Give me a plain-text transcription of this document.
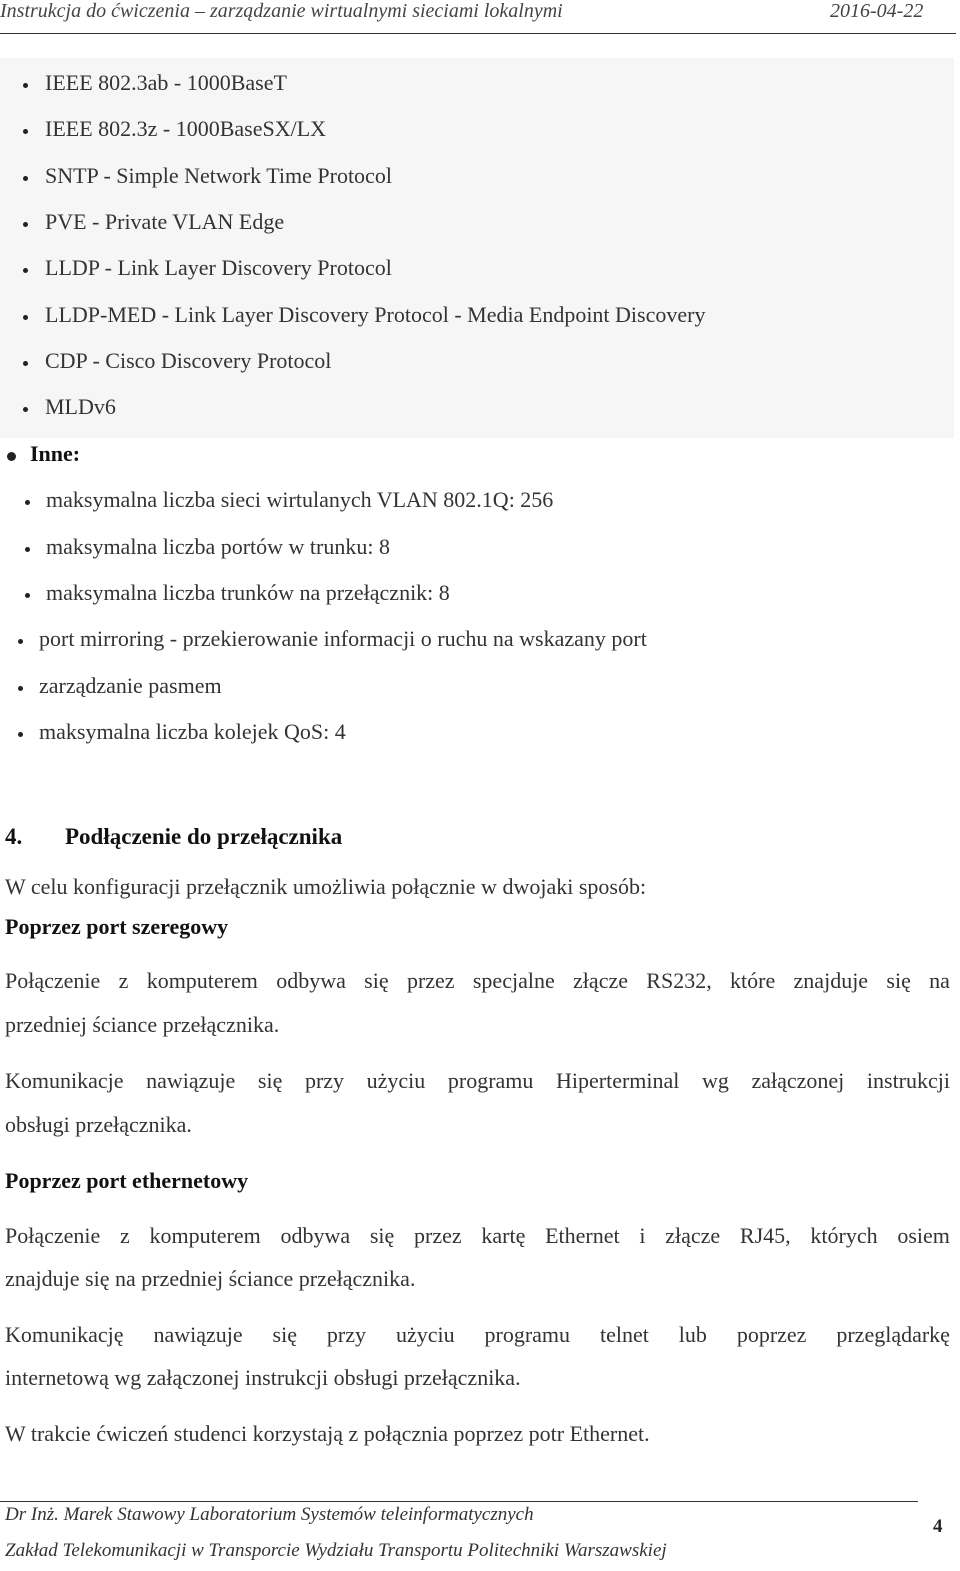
Instrukcja do ćwiczenia – zarządzanie wirtualnymi sieciami lokalnymi	2016-04-22
IEEE 802.3ab - 1000BaseT
IEEE 802.3z - 1000BaseSX/LX
SNTP - Simple Network Time Protocol
PVE - Private VLAN Edge
LLDP - Link Layer Discovery Protocol
LLDP-MED - Link Layer Discovery Protocol - Media Endpoint Discovery
CDP - Cisco Discovery Protocol
MLDv6
Inne:
maksymalna liczba sieci wirtulanych VLAN 802.1Q: 256
maksymalna liczba portów w trunku: 8
maksymalna liczba trunków na przełącznik: 8
port mirroring - przekierowanie informacji o ruchu na wskazany port
zarządzanie pasmem
maksymalna liczba kolejek QoS: 4
4. Podłączenie do przełącznika
W celu konfiguracji przełącznik umożliwia połącznie w dwojaki sposób:
Poprzez port szeregowy
Połączenie z komputerem odbywa się przez specjalne złącze RS232, które znajduje się na
przedniej ściance przełącznika.
Komunikacje nawiązuje się przy użyciu programu Hiperterminal wg załączonej instrukcji
obsługi przełącznika.
Poprzez port ethernetowy
Połączenie z komputerem odbywa się przez kartę Ethernet i złącze RJ45, których osiem
znajduje się na przedniej ściance przełącznika.
Komunikację nawiązuje się przy użyciu programu telnet lub poprzez przeglądarkę
internetową wg załączonej instrukcji obsługi przełącznika.
W trakcie ćwiczeń studenci korzystają z połącznia poprzez potr Ethernet.
Dr Inż. Marek Stawowy Laboratorium Systemów teleinformatycznych
Zakład Telekomunikacji w Transporcie Wydziału Transportu Politechniki Warszawskiej
4
